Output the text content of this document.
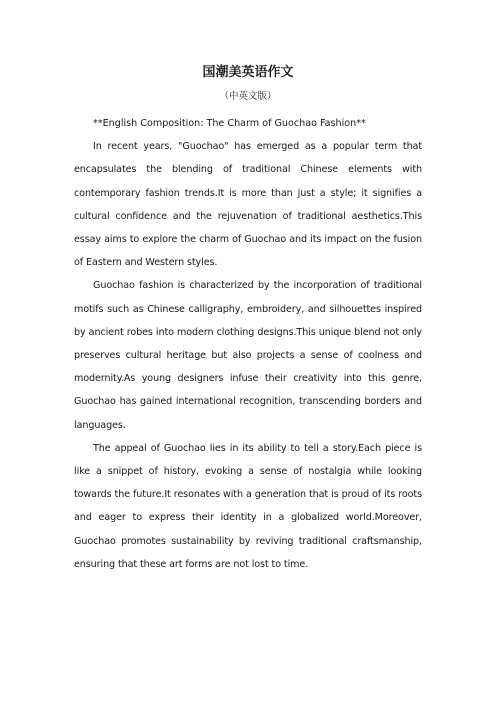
国潮美英语作文

（中英文版）

**English Composition: The Charm of Guochao Fashion**

In recent years, "Guochao" has emerged as a popular term that encapsulates the blending of traditional Chinese elements with contemporary fashion trends.It is more than just a style; it signifies a cultural confidence and the rejuvenation of traditional aesthetics.This essay aims to explore the charm of Guochao and its impact on the fusion of Eastern and Western styles.

Guochao fashion is characterized by the incorporation of traditional motifs such as Chinese calligraphy, embroidery, and silhouettes inspired by ancient robes into modern clothing designs.This unique blend not only preserves cultural heritage but also projects a sense of coolness and modernity.As young designers infuse their creativity into this genre, Guochao has gained international recognition, transcending borders and languages.

The appeal of Guochao lies in its ability to tell a story.Each piece is like a snippet of history, evoking a sense of nostalgia while looking towards the future.It resonates with a generation that is proud of its roots and eager to express their identity in a globalized world.Moreover, Guochao promotes sustainability by reviving traditional craftsmanship, ensuring that these art forms are not lost to time.
